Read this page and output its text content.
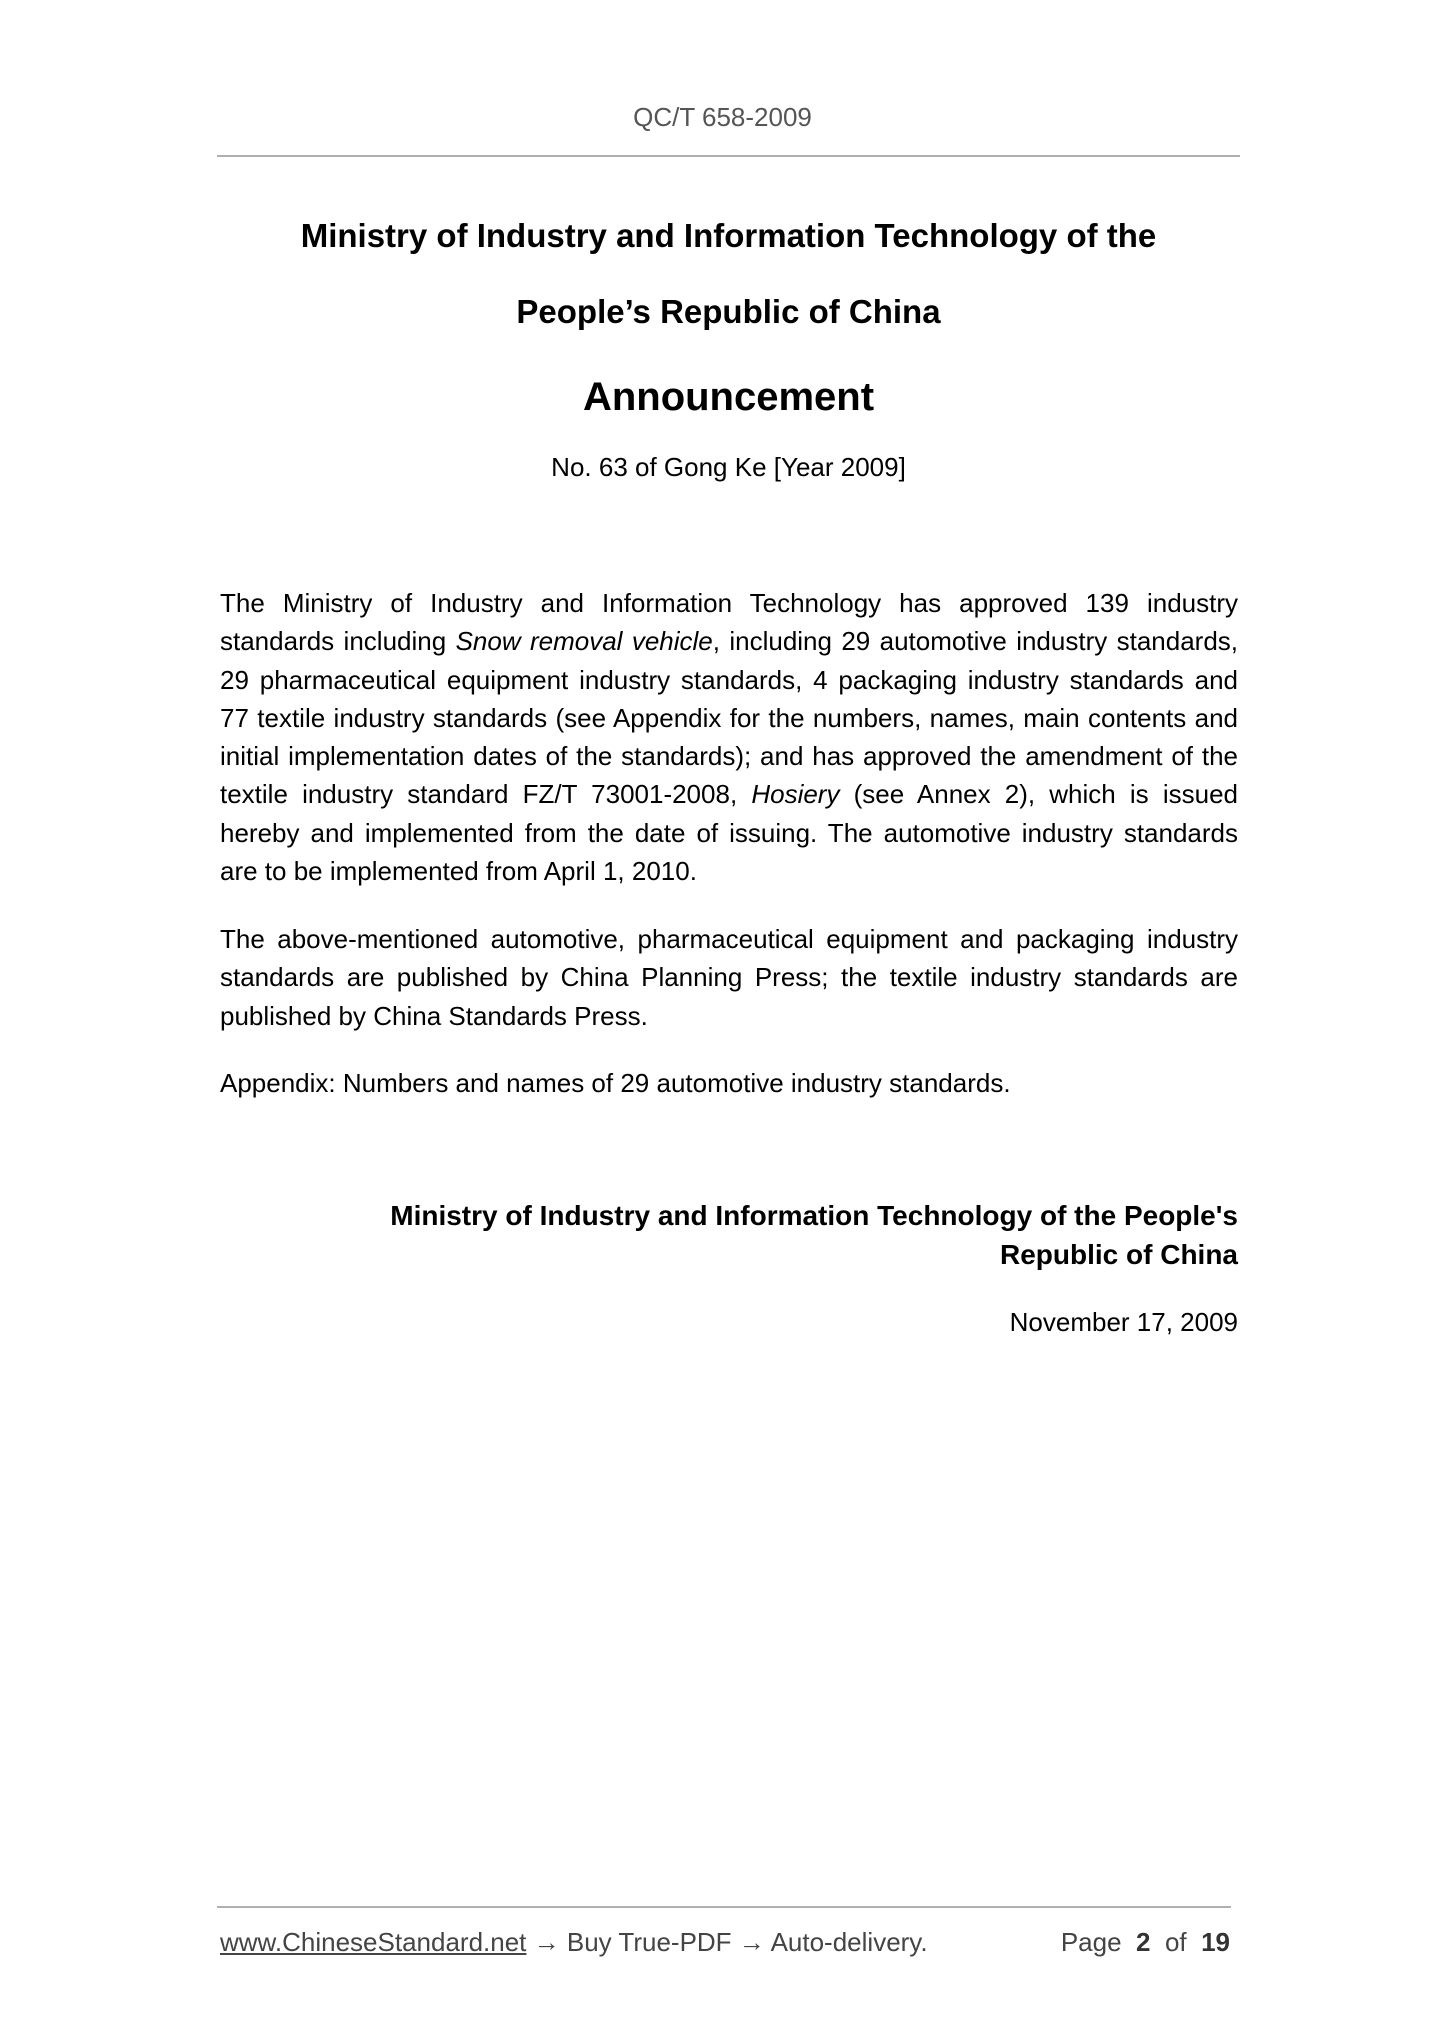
QC/T 658-2009
Ministry of Industry and Information Technology of the
People’s Republic of China
Announcement
No. 63 of Gong Ke [Year 2009]
The Ministry of Industry and Information Technology has approved 139 industry standards including Snow removal vehicle, including 29 automotive industry standards, 29 pharmaceutical equipment industry standards, 4 packaging industry standards and 77 textile industry standards (see Appendix for the numbers, names, main contents and initial implementation dates of the standards); and has approved the amendment of the textile industry standard FZ/T 73001-2008, Hosiery (see Annex 2), which is issued hereby and implemented from the date of issuing. The automotive industry standards are to be implemented from April 1, 2010.
The above-mentioned automotive, pharmaceutical equipment and packaging industry standards are published by China Planning Press; the textile industry standards are published by China Standards Press.
Appendix: Numbers and names of 29 automotive industry standards.
Ministry of Industry and Information Technology of the People's
Republic of China
November 17, 2009
www.ChineseStandard.net → Buy True-PDF → Auto-delivery.	Page 2 of 19
